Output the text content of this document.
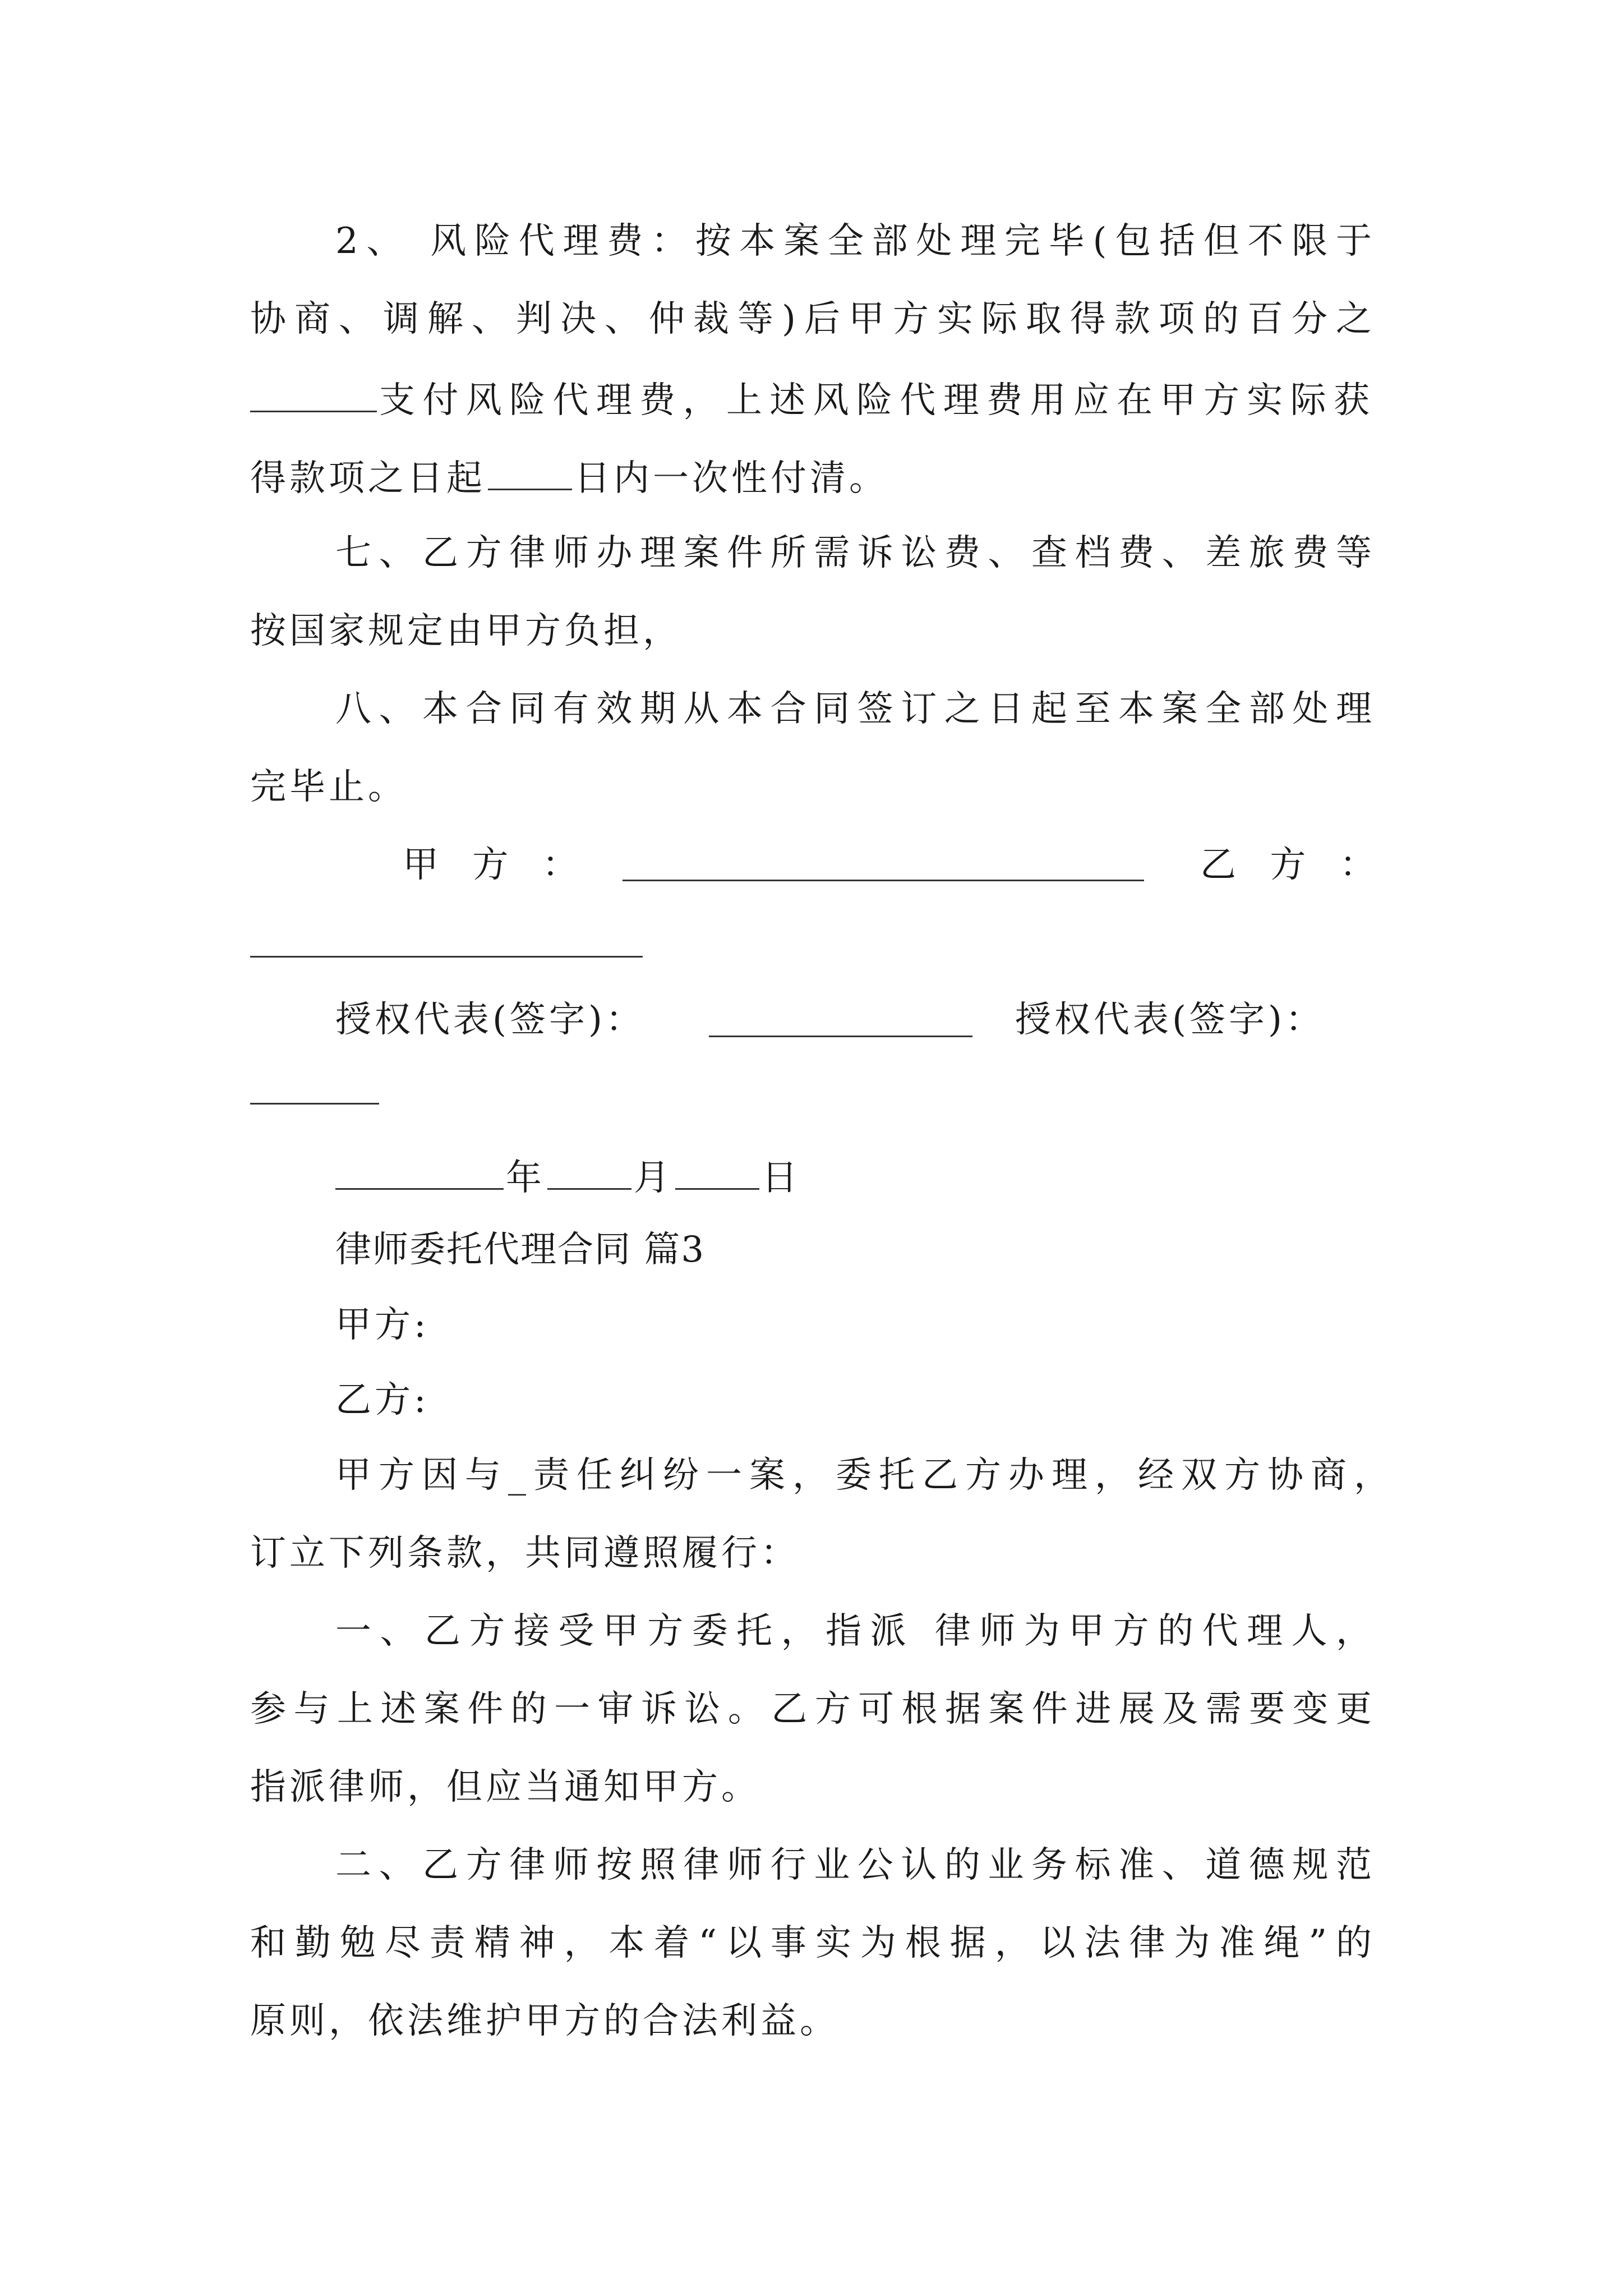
2、 风险代理费：按本案全部处理完毕(包括但不限于
协商、调解、判决、仲裁等)后甲方实际取得款项的百分之
支付风险代理费，上述风险代理费用应在甲方实际获
得款项之日起 日内一次性付清。
七、乙方律师办理案件所需诉讼费、查档费、差旅费等
按国家规定由甲方负担，
八、本合同有效期从本合同签订之日起至本案全部处理
完毕止。
甲 方 ：	乙 方 ：
授权代表(签字)：	授权代表(签字)：
年 月 日
律师委托代理合同 篇3
甲方:
乙方:
甲方因与_责任纠纷一案，委托乙方办理，经双方协商，
订立下列条款，共同遵照履行：
一、乙方接受甲方委托，指派 律师为甲方的代理人，
参与上述案件的一审诉讼。乙方可根据案件进展及需要变更
指派律师，但应当通知甲方。
二、乙方律师按照律师行业公认的业务标准、道德规范
和勤勉尽责精神，本着“以事实为根据，以法律为准绳”的
原则，依法维护甲方的合法利益。
